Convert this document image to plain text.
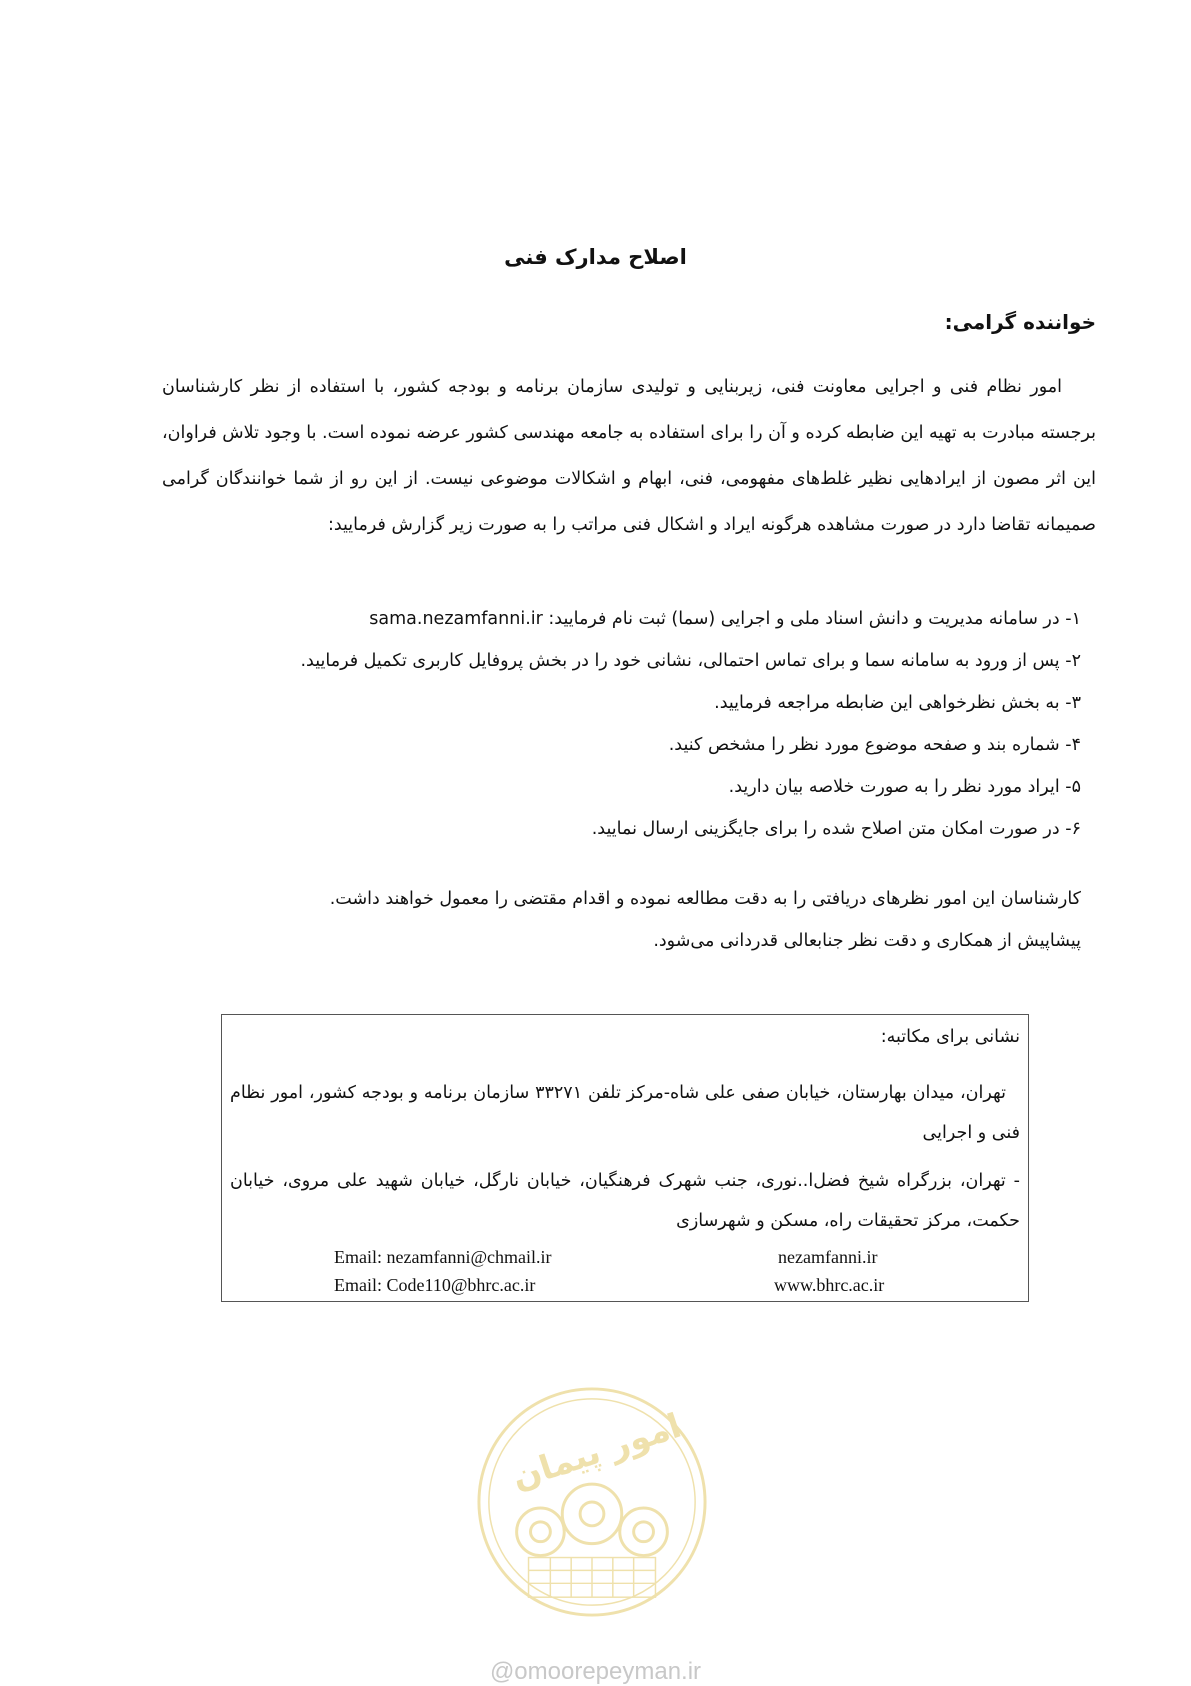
اصلاح مدارک فنی
خواننده گرامی:
امور نظام فنی و اجرایی معاونت فنی، زیربنایی و تولیدی سازمان برنامه و بودجه کشور، با استفاده از نظر کارشناسان برجسته مبادرت به تهیه این ضابطه کرده و آن را برای استفاده به جامعه مهندسی کشور عرضه نموده است. با وجود تلاش فراوان، این اثر مصون از ایرادهایی نظیر غلط‌های مفهومی، فنی، ابهام و اشکالات موضوعی نیست. از این رو از شما خوانندگان گرامی صمیمانه تقاضا دارد در صورت مشاهده هرگونه ایراد و اشکال فنی مراتب را به صورت زیر گزارش فرمایید:
۱- در سامانه مدیریت و دانش اسناد ملی و اجرایی (سما) ثبت نام فرمایید: sama.nezamfanni.ir
۲- پس از ورود به سامانه سما و برای تماس احتمالی، نشانی خود را در بخش پروفایل کاربری تکمیل فرمایید.
۳- به بخش نظرخواهی این ضابطه مراجعه فرمایید.
۴- شماره بند و صفحه موضوع مورد نظر را مشخص کنید.
۵- ایراد مورد نظر را به صورت خلاصه بیان دارید.
۶- در صورت امکان متن اصلاح شده را برای جایگزینی ارسال نمایید.
کارشناسان این امور نظرهای دریافتی را به دقت مطالعه نموده و اقدام مقتضی را معمول خواهند داشت.
پیشاپیش از همکاری و دقت نظر جنابعالی قدردانی می‌شود.
نشانی برای مکاتبه:
تهران، میدان بهارستان، خیابان صفی علی شاه-مرکز تلفن ۳۳۲۷۱ سازمان برنامه و بودجه کشور، امور نظام فنی و اجرایی
- تهران، بزرگراه شیخ فضل‌ا..نوری، جنب شهرک فرهنگیان، خیابان نارگل، خیابان شهید علی مروی، خیابان حکمت، مرکز تحقیقات راه، مسکن و شهرسازی
Email: nezamfanni@chmail.ir
Email: Code110@bhrc.ac.ir
nezamfanni.ir
www.bhrc.ac.ir
امور پیمان
@omoorepeyman.ir
